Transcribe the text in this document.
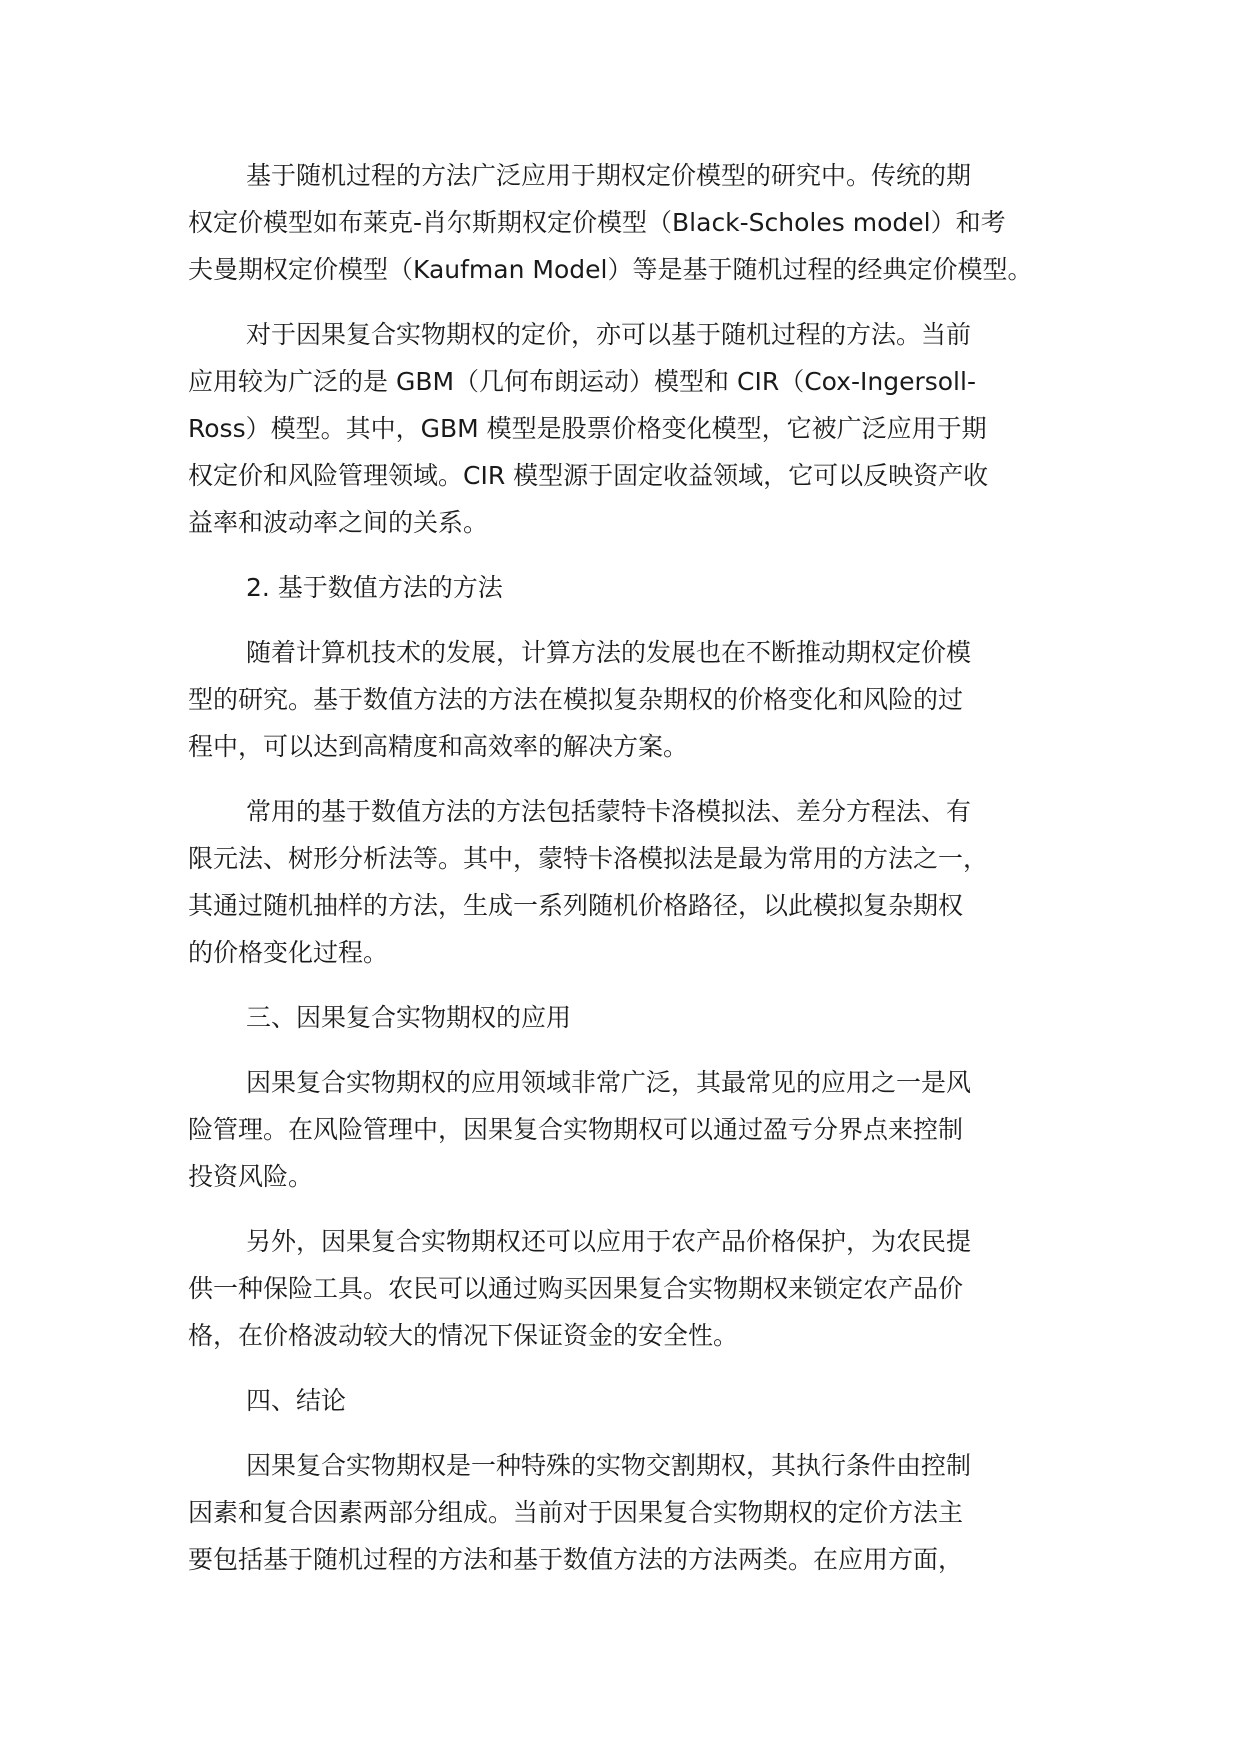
基于随机过程的方法广泛应用于期权定价模型的研究中。传统的期
权定价模型如布莱克-肖尔斯期权定价模型（Black-Scholes model）和考
夫曼期权定价模型（Kaufman Model）等是基于随机过程的经典定价模型。
对于因果复合实物期权的定价，亦可以基于随机过程的方法。当前
应用较为广泛的是 GBM（几何布朗运动）模型和 CIR（Cox-Ingersoll-
Ross）模型。其中，GBM 模型是股票价格变化模型，它被广泛应用于期
权定价和风险管理领域。CIR 模型源于固定收益领域，它可以反映资产收
益率和波动率之间的关系。
2. 基于数值方法的方法
随着计算机技术的发展，计算方法的发展也在不断推动期权定价模
型的研究。基于数值方法的方法在模拟复杂期权的价格变化和风险的过
程中，可以达到高精度和高效率的解决方案。
常用的基于数值方法的方法包括蒙特卡洛模拟法、差分方程法、有
限元法、树形分析法等。其中，蒙特卡洛模拟法是最为常用的方法之一，
其通过随机抽样的方法，生成一系列随机价格路径，以此模拟复杂期权
的价格变化过程。
三、因果复合实物期权的应用
因果复合实物期权的应用领域非常广泛，其最常见的应用之一是风
险管理。在风险管理中，因果复合实物期权可以通过盈亏分界点来控制
投资风险。
另外，因果复合实物期权还可以应用于农产品价格保护，为农民提
供一种保险工具。农民可以通过购买因果复合实物期权来锁定农产品价
格，在价格波动较大的情况下保证资金的安全性。
四、结论
因果复合实物期权是一种特殊的实物交割期权，其执行条件由控制
因素和复合因素两部分组成。当前对于因果复合实物期权的定价方法主
要包括基于随机过程的方法和基于数值方法的方法两类。在应用方面，
